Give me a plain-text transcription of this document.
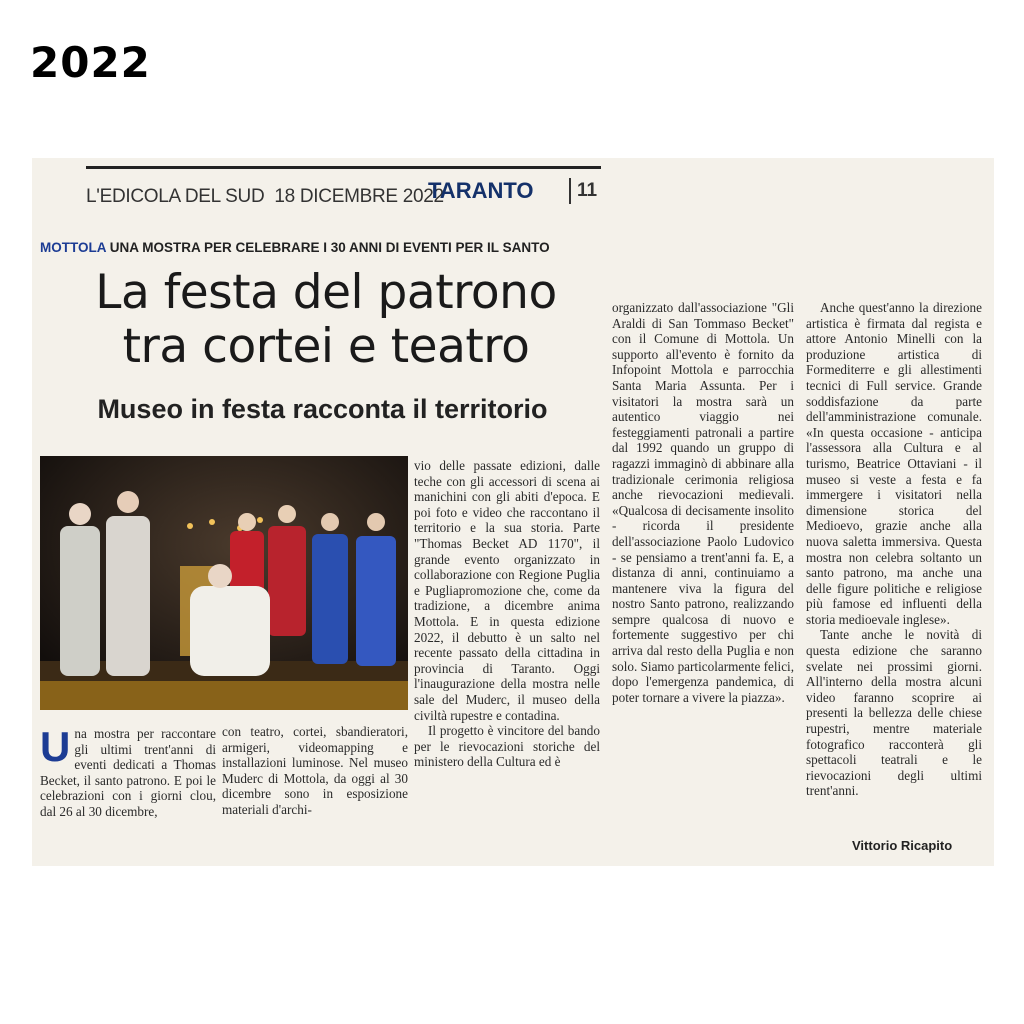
2022
L'EDICOLA DEL SUD 18 DICEMBRE 2022
TARANTO 11
MOTTOLA UNA MOSTRA PER CELEBRARE I 30 ANNI DI EVENTI PER IL SANTO
La festa del patrono
tra cortei e teatro
Museo in festa racconta il territorio
U na mostra per raccontare gli ultimi trent'anni di eventi dedicati a Thomas Becket, il santo patrono. E poi le celebrazioni con i giorni clou, dal 26 al 30 dicembre,

con teatro, cortei, sbandieratori, armigeri, videomapping e installazioni luminose. Nel museo Muderc di Mottola, da oggi al 30 dicembre sono in esposizione materiali d'archi-

vio delle passate edizioni, dalle teche con gli accessori di scena ai manichini con gli abiti d'epoca. E poi foto e video che raccontano il territorio e la sua storia. Parte "Thomas Becket AD 1170", il grande evento organizzato in collaborazione con Regione Puglia e Pugliapromozione che, come da tradizione, a dicembre anima Mottola. E in questa edizione 2022, il debutto è un salto nel recente passato della cittadina in provincia di Taranto. Oggi l'inaugurazione della mostra nelle sale del Muderc, il museo della civiltà rupestre e contadina.

Il progetto è vincitore del bando per le rievocazioni storiche del ministero della Cultura ed è

organizzato dall'associazione "Gli Araldi di San Tommaso Becket" con il Comune di Mottola. Un supporto all'evento è fornito da Infopoint Mottola e parrocchia Santa Maria Assunta. Per i visitatori la mostra sarà un autentico viaggio nei festeggiamenti patronali a partire dal 1992 quando un gruppo di ragazzi immaginò di abbinare alla tradizionale cerimonia religiosa anche rievocazioni medievali. «Qualcosa di decisamente insolito - ricorda il presidente dell'associazione Paolo Ludovico - se pensiamo a trent'anni fa. E, a distanza di anni, continuiamo a mantenere viva la figura del nostro Santo patrono, realizzando sempre qualcosa di nuovo e fortemente suggestivo per chi arriva dal resto della Puglia e non solo. Siamo particolarmente felici, dopo l'emergenza pandemica, di poter tornare a vivere la piazza».

Anche quest'anno la direzione artistica è firmata dal regista e attore Antonio Minelli con la produzione artistica di Formediterre e gli allestimenti tecnici di Full service. Grande soddisfazione da parte dell'amministrazione comunale. «In questa occasione - anticipa l'assessora alla Cultura e al turismo, Beatrice Ottaviani - il museo si veste a festa e fa immergere i visitatori nella dimensione storica del Medioevo, grazie anche alla nuova saletta immersiva. Questa mostra non celebra soltanto un santo patrono, ma anche una delle figure politiche e religiose più famose ed influenti della storia medioevale inglese».

Tante anche le novità di questa edizione che saranno svelate nei prossimi giorni. All'interno della mostra alcuni video faranno scoprire ai presenti la bellezza delle chiese rupestri, mentre materiale fotografico racconterà gli spettacoli teatrali e le rievocazioni degli ultimi trent'anni.

Vittorio Ricapito
